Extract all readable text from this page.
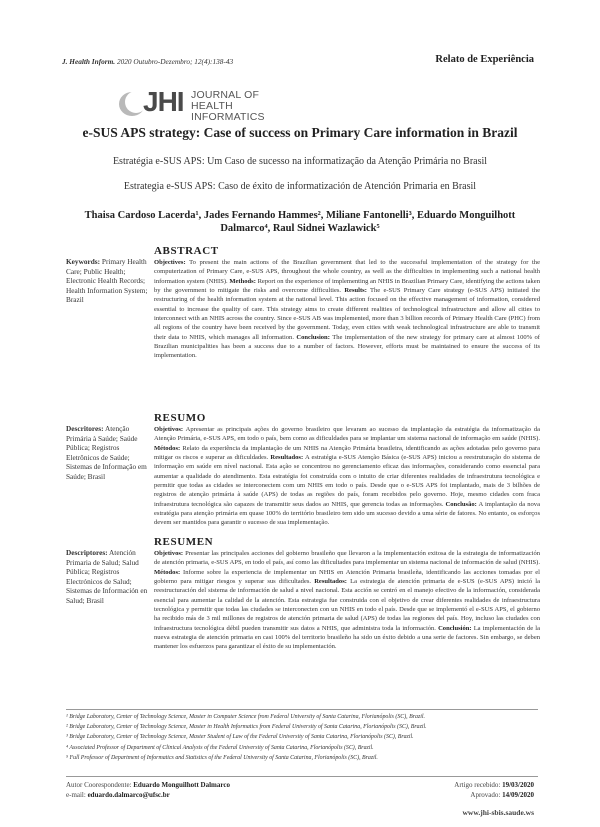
J. Health Inform. 2020 Outubro-Dezembro; 12(4):138-43	Relato de Experiência
JHI JOURNAL OF
HEALTH INFORMATICS
e-SUS APS strategy: Case of success on Primary Care information in Brazil
Estratégia e-SUS APS: Um Caso de sucesso na informatização da Atenção Primária no Brasil
Estrategia e-SUS APS: Caso de éxito de informatización de Atención Primaria en Brasil
Thaisa Cardoso Lacerda¹, Jades Fernando Hammes², Miliane Fantonelli³, Eduardo Monguilhott
Dalmarco⁴, Raul Sidnei Wazlawick⁵
Keywords: Primary Health Care; Public Health; Electronic Health Records; Health Information System; Brazil
ABSTRACT
Objectives: To present the main actions of the Brazilian government that led to the successful implementation of the strategy for the computerization of Primary Care, e-SUS APS, throughout the whole country, as well as the difficulties in implementing such a national health information system (NHIS). Methods: Report on the experience of implementing an NHIS in Brazilian Primary Care, identifying the actions taken by the government to mitigate the risks and overcome difficulties. Results: The e-SUS Primary Care strategy (e-SUS APS) initiated the restructuring of the health information system at the national level. This action focused on the effective management of information, considered essential to increase the quality of care. This strategy aims to create different realities of technological infrastructure and allow all cities to interconnect with an NHIS across the country. Since e-SUS AB was implemented, more than 3 billion records of Primary Health Care (PHC) from all regions of the country have been received by the government. Today, even cities with weak technological infrastructure are able to transmit their data to NHIS, which manages all information. Conclusion: The implementation of the new strategy for primary care at almost 100% of Brazilian municipalities has been a success due to a number of factors. However, efforts must be maintained to ensure the success of its implementation.
Descritores: Atenção Primária à Saúde; Saúde Pública; Registros Eletrônicos de Saúde; Sistemas de Informação em Saúde; Brasil
RESUMO
Objetivos: Apresentar as principais ações do governo brasileiro que levaram ao sucesso da implantação da estratégia da informatização da Atenção Primária, e-SUS APS, em todo o país, bem como as dificuldades para se implantar um sistema nacional de informação em saúde (NHIS). Métodos: Relato da experiência da implantação de um NHIS na Atenção Primária brasileira, identificando as ações adotadas pelo governo para mitigar os riscos e superar as dificuldades. Resultados: A estratégia e-SUS Atenção Básica (e-SUS APS) iniciou a reestruturação do sistema de informação em saúde em nível nacional. Esta ação se concentrou no gerenciamento eficaz das informações, considerando como essencial para aumentar a qualidade do atendimento. Esta estratégia foi construída com o intuito de criar diferentes realidades de infraestrutura tecnológica e permitir que todas as cidades se interconectem com um NHIS em todo o país. Desde que o e-SUS APS foi implantado, mais de 3 bilhões de registros de atenção primária à saúde (APS) de todas as regiões do país, foram recebidos pelo governo. Hoje, mesmo cidades com fraca infraestrutura tecnológica são capazes de transmitir seus dados ao NHIS, que gerencia todas as informações. Conclusão: A implantação da nova estratégia para atenção primária em quase 100% do território brasileiro tem sido um sucesso devido a uma série de fatores. No entanto, os esforços devem ser mantidos para garantir o sucesso de sua implementação.
Descriptores: Atención Primaria de Salud; Salud Pública; Registros Electrónicos de Salud; Sistemas de Información en Salud; Brasil
RESUMEN
Objetivos: Presentar las principales acciones del gobierno brasileño que llevaron a la implementación exitosa de la estrategia de informatización de atención primaria, e-SUS APS, en todo el país, así como las dificultades para implementar un sistema nacional de información de salud (NHIS). Métodos: Informe sobre la experiencia de implementar un NHIS en Atención Primaria brasileña, identificando las acciones tomadas por el gobierno para mitigar riesgos y superar sus dificultades. Resultados: La estrategia de atención primaria de e-SUS (e-SUS APS) inició la reestructuración del sistema de información de salud a nivel nacional. Esta acción se centró en el manejo efectivo de la información, considerada esencial para aumentar la calidad de la atención. Esta estrategia fue construida con el objetivo de crear diferentes realidades de infraestructura tecnológica y permitir que todas las ciudades se interconecten con un NHIS en todo el país. Desde que se implementó el e-SUS APS, el gobierno ha recibido más de 3 mil millones de registros de atención primaria de salud (APS) de todas las regiones del país. Hoy, incluso las ciudades con infraestructura tecnológica débil pueden transmitir sus datos a NHIS, que administra toda la información. Conclusión: La implementación de la nueva estrategia de atención primaria en casi 100% del territorio brasileño ha sido un éxito debido a una serie de factores. Sin embargo, se deben mantener los esfuerzos para garantizar el éxito de su implementación.
¹ Bridge Laboratory, Center of Technology Science, Master in Computer Science from Federal University of Santa Catarina, Florianópolis (SC), Brazil.
² Bridge Laboratory, Center of Technology Science, Master in Health Informatics from Federal University of Santa Catarina, Florianópolis (SC), Brazil.
³ Bridge Laboratory, Center of Technology Science, Master Student of Law of the Federal University of Santa Catarina, Florianópolis (SC), Brazil.
⁴ Associated Professor of Department of Clinical Analysis of the Federal University of Santa Catarina, Florianópolis (SC), Brazil.
⁵ Full Professor of Department of Informatics and Statistics of the Federal University of Santa Catarina, Florianópolis (SC), Brazil.
Autor Coorespondente: Eduardo Monguilhott Dalmarco
e-mail: eduardo.dalmarco@ufsc.br
Artigo recebido: 19/03/2020
Aprovado: 14/09/2020
www.jhi-sbis.saude.ws
